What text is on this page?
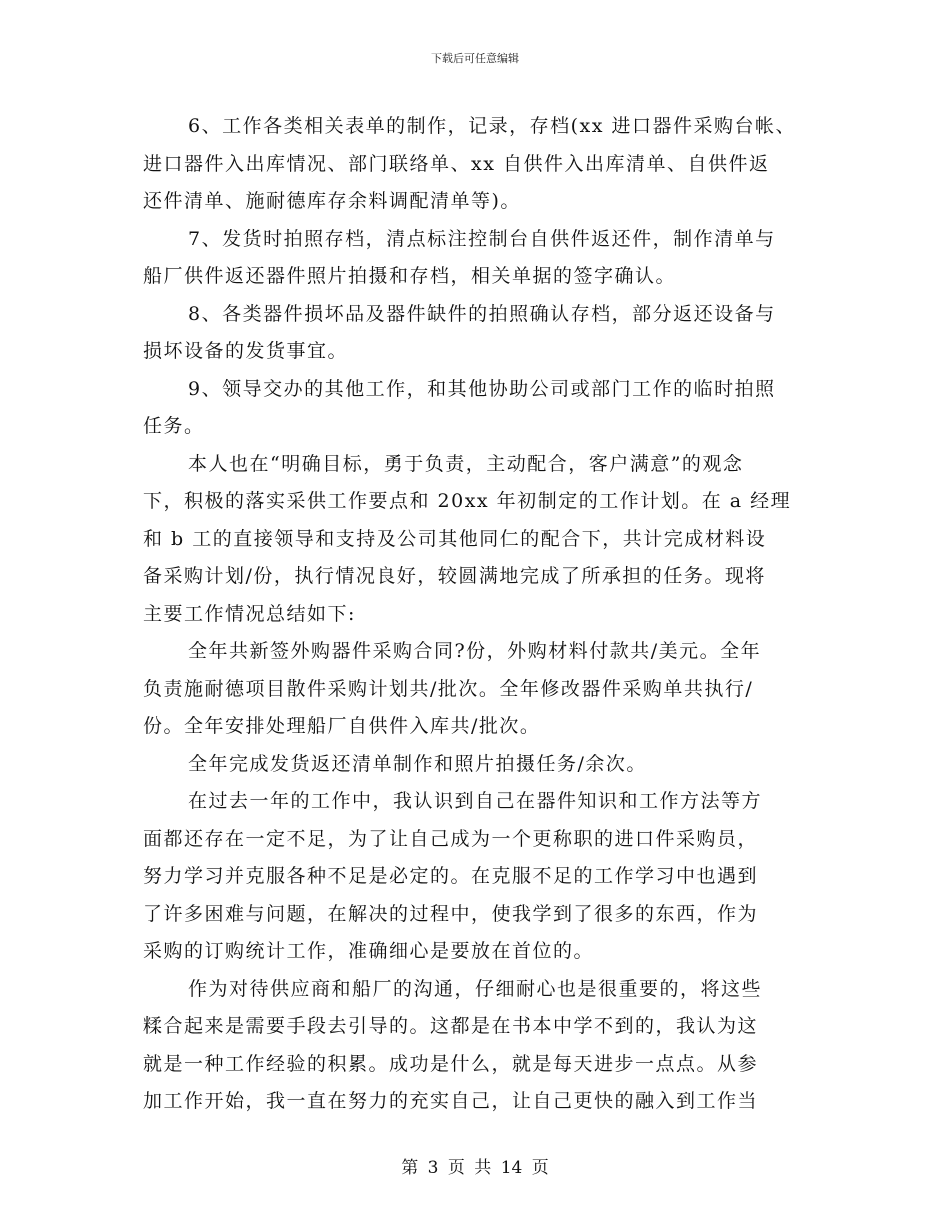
下载后可任意编辑
6、工作各类相关表单的制作，记录，存档(xx 进口器件采购台帐、
进口器件入出库情况、部门联络单、xx 自供件入出库清单、自供件返
还件清单、施耐德库存余料调配清单等)。
7、发货时拍照存档，清点标注控制台自供件返还件，制作清单与
船厂供件返还器件照片拍摄和存档，相关单据的签字确认。
8、各类器件损坏品及器件缺件的拍照确认存档，部分返还设备与
损坏设备的发货事宜。
9、领导交办的其他工作，和其他协助公司或部门工作的临时拍照
任务。
本人也在“明确目标，勇于负责，主动配合，客户满意”的观念
下，积极的落实采供工作要点和 20xx 年初制定的工作计划。在 a 经理
和 b 工的直接领导和支持及公司其他同仁的配合下，共计完成材料设
备采购计划/份，执行情况良好，较圆满地完成了所承担的任务。现将
主要工作情况总结如下:
全年共新签外购器件采购合同?份，外购材料付款共/美元。全年
负责施耐德项目散件采购计划共/批次。全年修改器件采购单共执行/
份。全年安排处理船厂自供件入库共/批次。
全年完成发货返还清单制作和照片拍摄任务/余次。
在过去一年的工作中，我认识到自己在器件知识和工作方法等方
面都还存在一定不足，为了让自己成为一个更称职的进口件采购员，
努力学习并克服各种不足是必定的。在克服不足的工作学习中也遇到
了许多困难与问题，在解决的过程中，使我学到了很多的东西，作为
采购的订购统计工作，准确细心是要放在首位的。
作为对待供应商和船厂的沟通，仔细耐心也是很重要的，将这些
糅合起来是需要手段去引导的。这都是在书本中学不到的，我认为这
就是一种工作经验的积累。成功是什么，就是每天进步一点点。从参
加工作开始，我一直在努力的充实自己，让自己更快的融入到工作当
第 3 页 共 14 页
